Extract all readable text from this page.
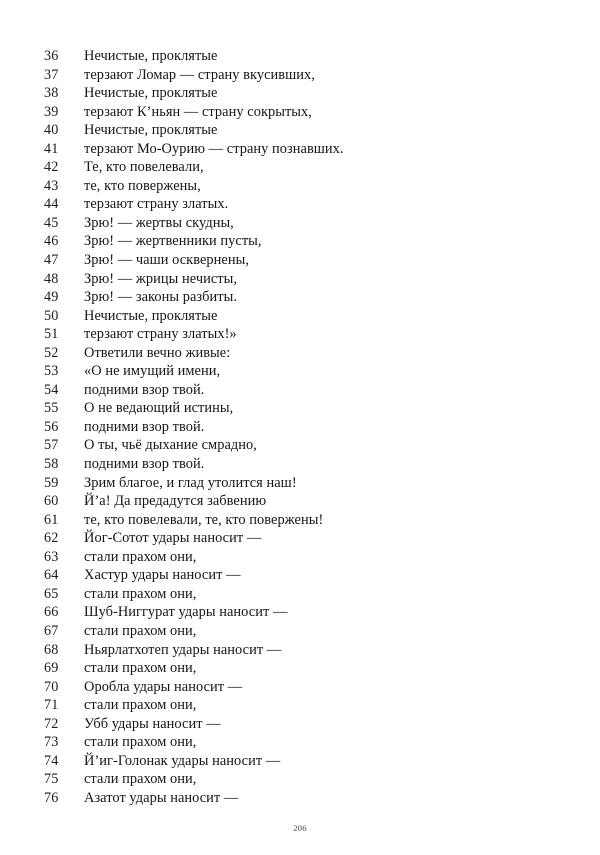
36 Нечистые, проклятые
37 терзают Ломар — страну вкусивших,
38 Нечистые, проклятые
39 терзают К’ньян — страну сокрытых,
40 Нечистые, проклятые
41 терзают Мо-Оурию — страну познавших.
42 Те, кто повелевали,
43 те, кто повержены,
44 терзают страну златых.
45 Зрю! — жертвы скудны,
46 Зрю! — жертвенники пусты,
47 Зрю! — чаши осквернены,
48 Зрю! — жрицы нечисты,
49 Зрю! — законы разбиты.
50 Нечистые, проклятые
51 терзают страну златых!»
52 Ответили вечно живые:
53 «О не имущий имени,
54 подними взор твой.
55 О не ведающий истины,
56 подними взор твой.
57 О ты, чьё дыхание смрадно,
58 подними взор твой.
59 Зрим благое, и глад утолится наш!
60 Й’а! Да предадутся забвению
61 те, кто повелевали, те, кто повержены!
62 Йог-Сотот удары наносит —
63 стали прахом они,
64 Хастур удары наносит —
65 стали прахом они,
66 Шуб-Ниггурат удары наносит —
67 стали прахом они,
68 Ньярлатхотеп удары наносит —
69 стали прахом они,
70 Оробла удары наносит —
71 стали прахом они,
72 Убб удары наносит —
73 стали прахом они,
74 Й’иг-Голонак удары наносит —
75 стали прахом они,
76 Азатот удары наносит —
206
